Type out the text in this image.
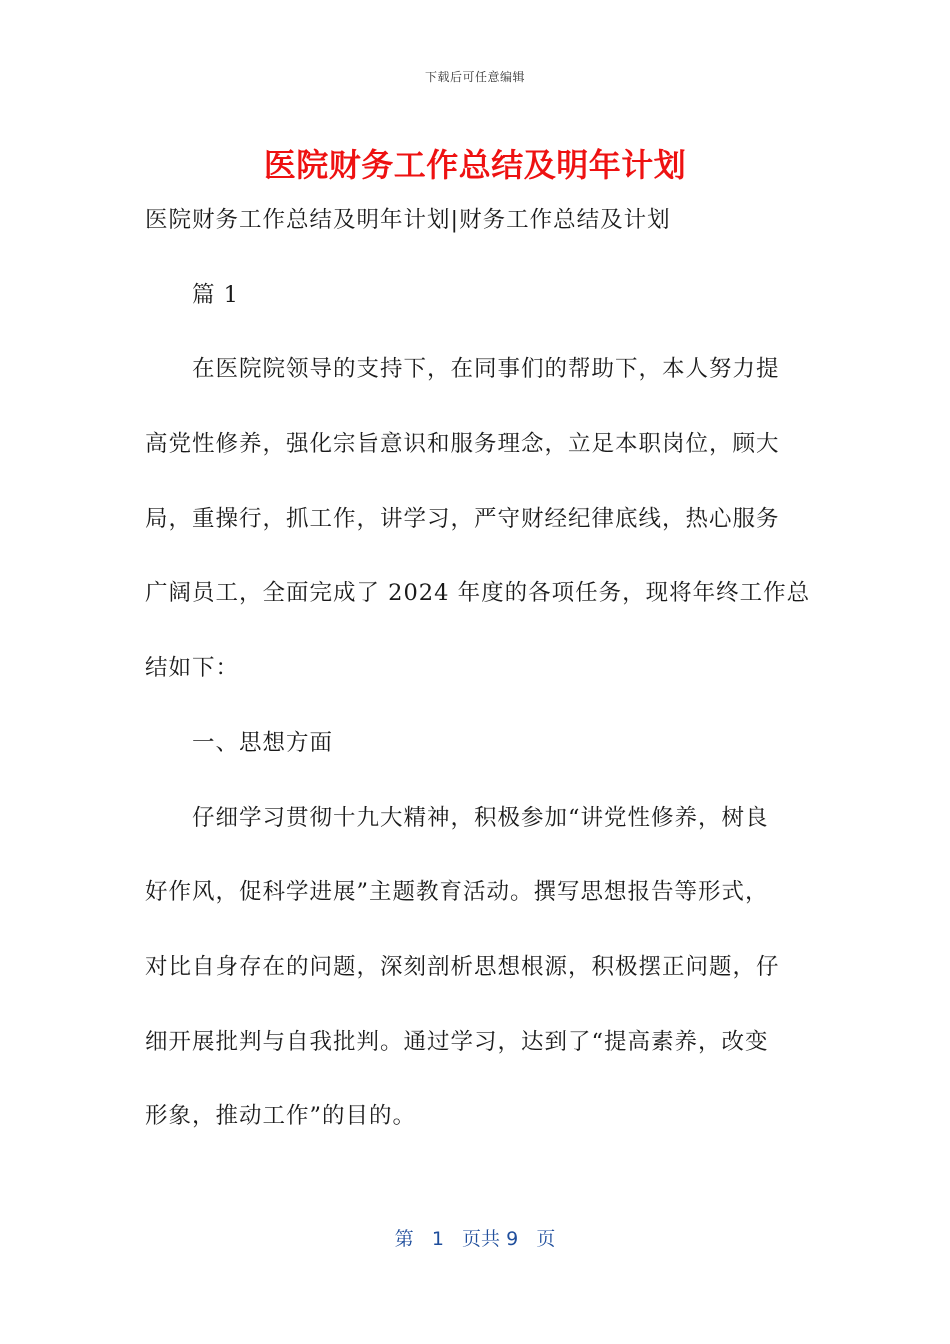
下载后可任意编辑
医院财务工作总结及明年计划
医院财务工作总结及明年计划|财务工作总结及计划
篇 1
在医院院领导的支持下，在同事们的帮助下，本人努力提
高党性修养，强化宗旨意识和服务理念，立足本职岗位，顾大
局，重操行，抓工作，讲学习，严守财经纪律底线，热心服务
广阔员工，全面完成了 2024 年度的各项任务，现将年终工作总
结如下：
一、思想方面
仔细学习贯彻十九大精神，积极参加“讲党性修养，树良
好作风，促科学进展”主题教育活动。撰写思想报告等形式，
对比自身存在的问题，深刻剖析思想根源，积极摆正问题，仔
细开展批判与自我批判。通过学习，达到了“提高素养，改变
形象，推动工作”的目的。
第 1 页共 9 页
